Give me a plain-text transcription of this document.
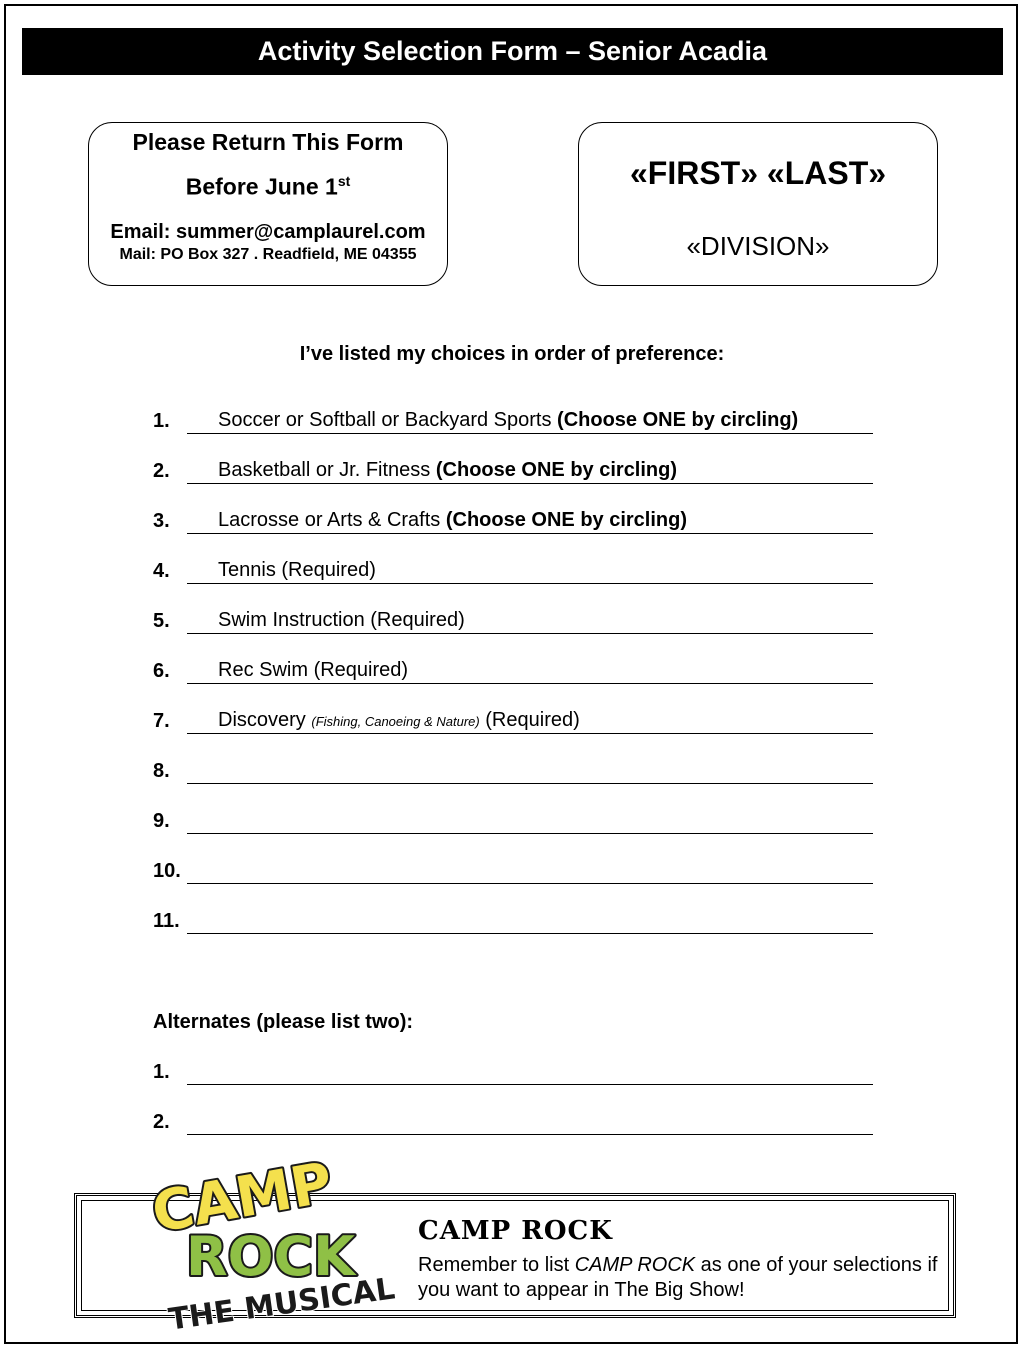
Activity Selection Form – Senior Acadia
Please Return This Form
Before June 1st
Email: summer@camplaurel.com
Mail: PO Box 327 . Readfield, ME 04355
«FIRST» «LAST»
«DIVISION»
I’ve listed my choices in order of preference:
1. Soccer or Softball or Backyard Sports (Choose ONE by circling)
2. Basketball or Jr. Fitness (Choose ONE by circling)
3. Lacrosse or Arts & Crafts (Choose ONE by circling)
4. Tennis (Required)
5. Swim Instruction (Required)
6. Rec Swim (Required)
7. Discovery (Fishing, Canoeing & Nature) (Required)
8.
9.
10.
11.
Alternates (please list two):
1.
2.
CAMP
ROCK
THE MUSICAL
CAMP ROCK
Remember to list CAMP ROCK as one of your selections if you want to appear in The Big Show!
